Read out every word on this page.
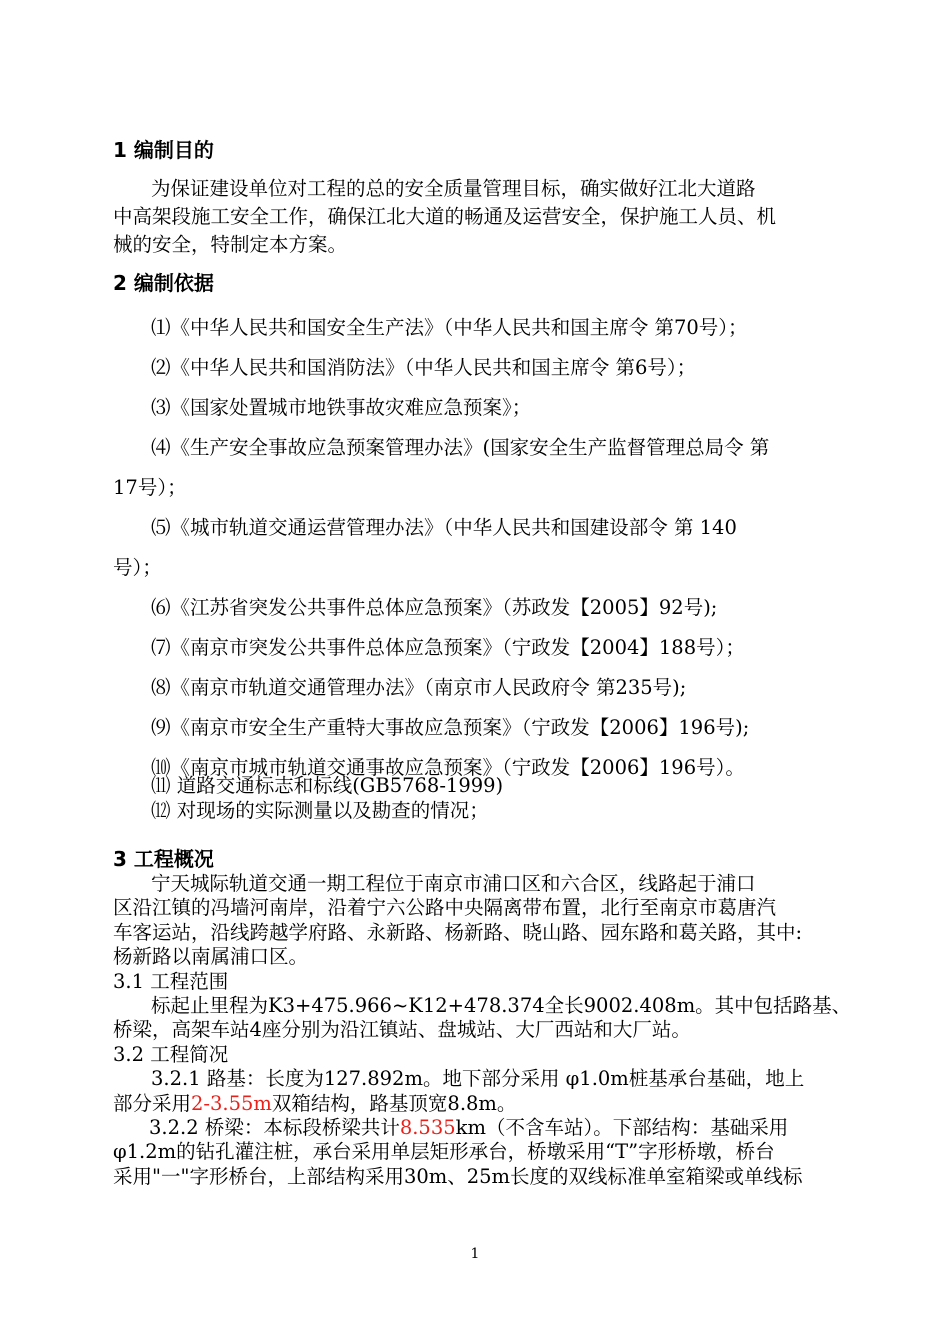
1 编制目的
为保证建设单位对工程的总的安全质量管理目标，确实做好江北大道路
中高架段施工安全工作，确保江北大道的畅通及运营安全，保护施工人员、机
械的安全，特制定本方案。
2 编制依据
⑴《中华人民共和国安全生产法》（中华人民共和国主席令 第70号）；
⑵《中华人民共和国消防法》（中华人民共和国主席令 第6号）；
⑶《国家处置城市地铁事故灾难应急预案》；
⑷《生产安全事故应急预案管理办法》(国家安全生产监督管理总局令 第
17号）；
⑸《城市轨道交通运营管理办法》（中华人民共和国建设部令 第 140
号）；
⑹《江苏省突发公共事件总体应急预案》（苏政发【2005】92号);
⑺《南京市突发公共事件总体应急预案》（宁政发【2004】188号）；
⑻《南京市轨道交通管理办法》（南京市人民政府令 第235号);
⑼《南京市安全生产重特大事故应急预案》（宁政发【2006】196号);
⑽《南京市城市轨道交通事故应急预案》（宁政发【2006】196号）。
⑾ 道路交通标志和标线(GB5768-1999)
⑿ 对现场的实际测量以及勘查的情况；
3 工程概况
宁天城际轨道交通一期工程位于南京市浦口区和六合区，线路起于浦口
区沿江镇的冯墙河南岸，沿着宁六公路中央隔离带布置，北行至南京市葛唐汽
车客运站，沿线跨越学府路、永新路、杨新路、晓山路、园东路和葛关路，其中:
杨新路以南属浦口区。
3.1 工程范围
标起止里程为K3+475.966~K12+478.374全长9002.408m。其中包括路基、
桥梁，高架车站4座分别为沿江镇站、盘城站、大厂西站和大厂站。
3.2 工程简况
3.2.1 路基：长度为127.892m。地下部分采用 φ1.0m桩基承台基础，地上
部分采用2-3.55m双箱结构，路基顶宽8.8m。
3.2.2 桥梁：本标段桥梁共计8.535km（不含车站）。下部结构：基础采用
φ1.2m的钻孔灌注桩，承台采用单层矩形承台，桥墩采用“T”字形桥墩，桥台
采用"一"字形桥台，上部结构采用30m、25m长度的双线标准单室箱梁或单线标
1
